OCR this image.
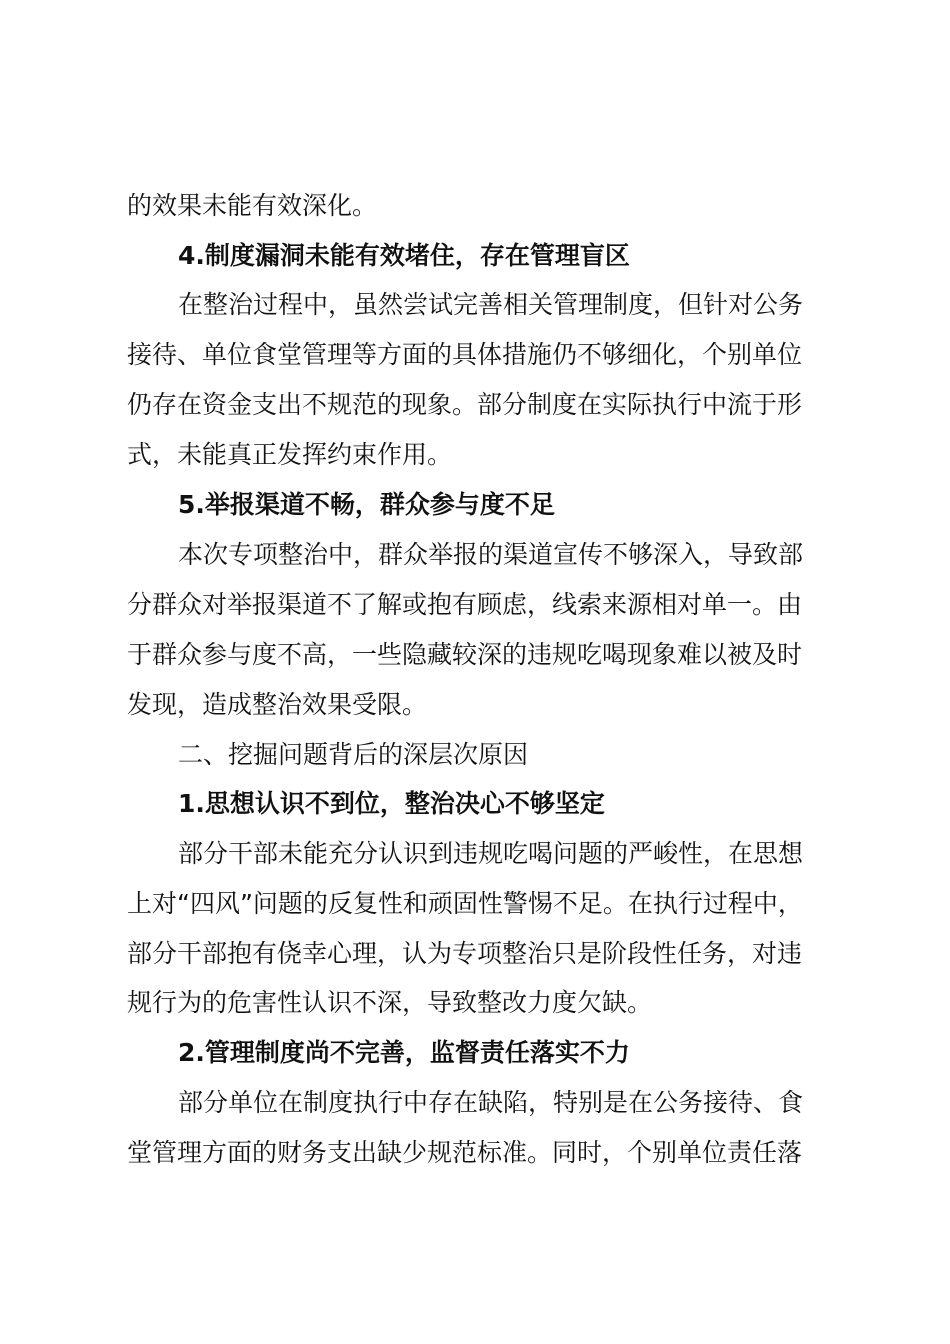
的效果未能有效深化。
4.制度漏洞未能有效堵住，存在管理盲区
在整治过程中，虽然尝试完善相关管理制度，但针对公务
接待、单位食堂管理等方面的具体措施仍不够细化，个别单位
仍存在资金支出不规范的现象。部分制度在实际执行中流于形
式，未能真正发挥约束作用。
5.举报渠道不畅，群众参与度不足
本次专项整治中，群众举报的渠道宣传不够深入，导致部
分群众对举报渠道不了解或抱有顾虑，线索来源相对单一。由
于群众参与度不高，一些隐藏较深的违规吃喝现象难以被及时
发现，造成整治效果受限。
二、挖掘问题背后的深层次原因
1.思想认识不到位，整治决心不够坚定
部分干部未能充分认识到违规吃喝问题的严峻性，在思想
上对“四风”问题的反复性和顽固性警惕不足。在执行过程中，
部分干部抱有侥幸心理，认为专项整治只是阶段性任务，对违
规行为的危害性认识不深，导致整改力度欠缺。
2.管理制度尚不完善，监督责任落实不力
部分单位在制度执行中存在缺陷，特别是在公务接待、食
堂管理方面的财务支出缺少规范标准。同时，个别单位责任落
